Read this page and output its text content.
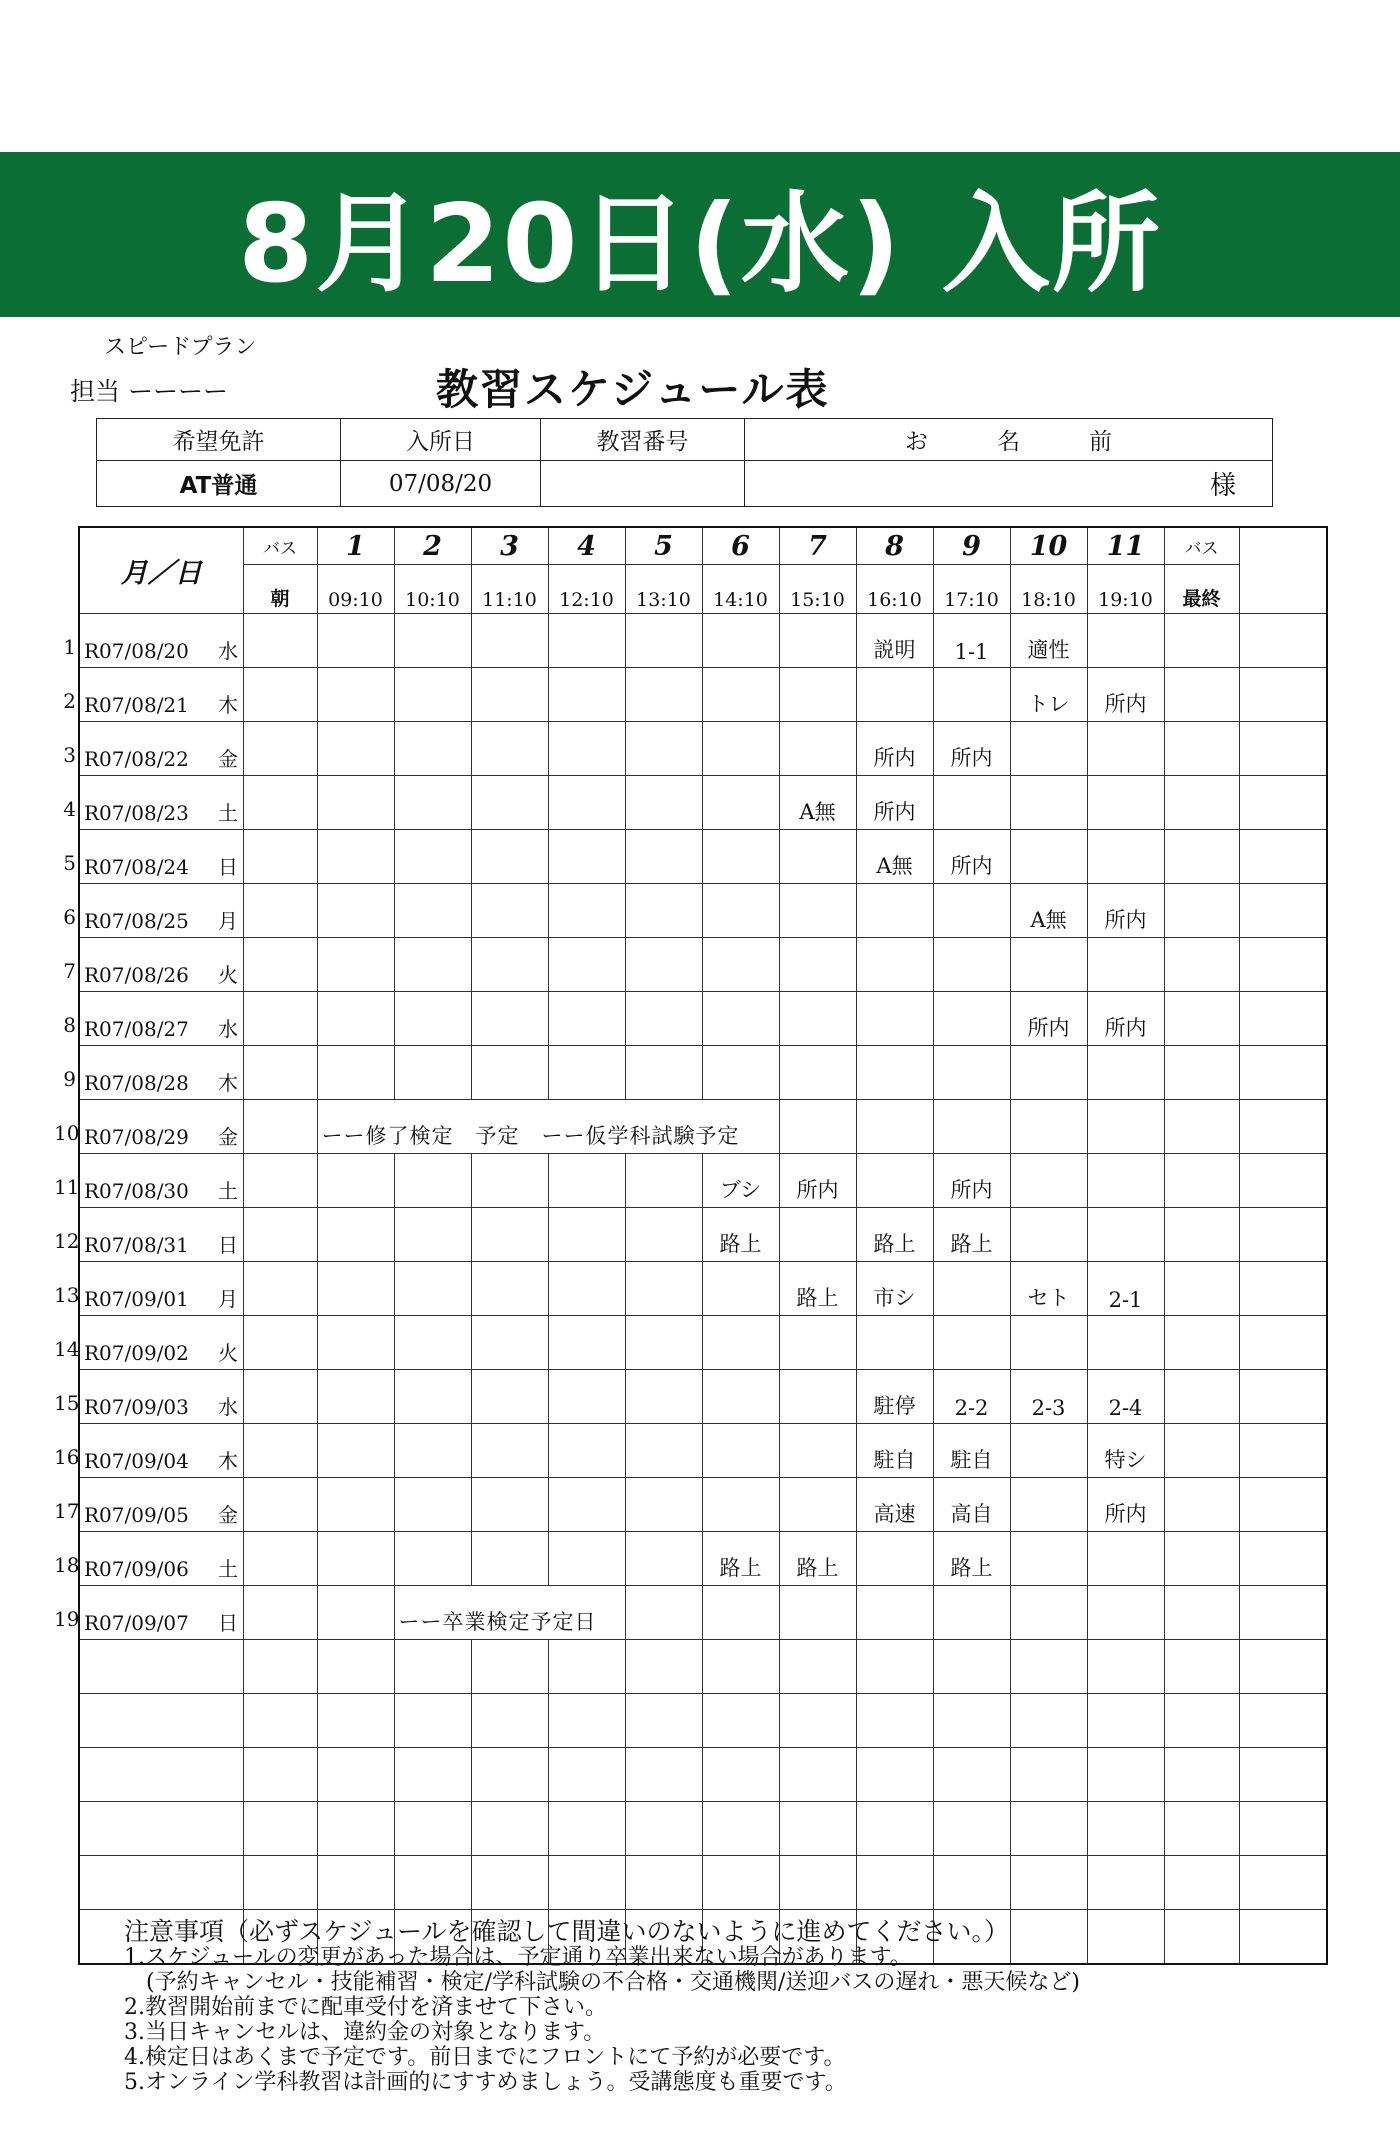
8月20日(水) 入所
スピードプラン
担当 ーーーー	教習スケジュール表
希望免許	入所日	教習番号	お　　　名　　　前
AT普通	07/08/20		様
月／日	バス	1	2	3	4	5	6	7	8	9	10	11	バス	
	朝	09:10	10:10	11:10	12:10	13:10	14:10	15:10	16:10	17:10	18:10	19:10	最終	

1 R07/08/20 水									説明	1-1	適性			

2 R07/08/21 木											トレ	所内		

3 R07/08/22 金									所内	所内				

4 R07/08/23 土								A無	所内					

5 R07/08/24 日									A無	所内				

6 R07/08/25 月											A無	所内		

7 R07/08/26 火														

8 R07/08/27 水											所内	所内		

9 R07/08/28 木														

10 R07/08/29 金		ーー修了検定　予定　ーー仮学科試験予定												

11 R07/08/30 土							ブシ	所内		所内				

12 R07/08/31 日							路上		路上	路上				

13 R07/09/01 月								路上	市シ		セト	2-1		

14 R07/09/02 火														

15 R07/09/03 水									駐停	2-2	2-3	2-4		

16 R07/09/04 木									駐自	駐自		特シ		

17 R07/09/05 金									高速	高自		所内		

18 R07/09/06 土							路上	路上		路上				

19 R07/09/07 日			ーー卒業検定予定日											

注意事項（必ずスケジュールを確認して間違いのないように進めてください。）
1.スケジュールの変更があった場合は、予定通り卒業出来ない場合があります。
(予約キャンセル・技能補習・検定/学科試験の不合格・交通機関/送迎バスの遅れ・悪天候など)
2.教習開始前までに配車受付を済ませて下さい。
3.当日キャンセルは、違約金の対象となります。
4.検定日はあくまで予定です。前日までにフロントにて予約が必要です。
5.オンライン学科教習は計画的にすすめましょう。受講態度も重要です。
